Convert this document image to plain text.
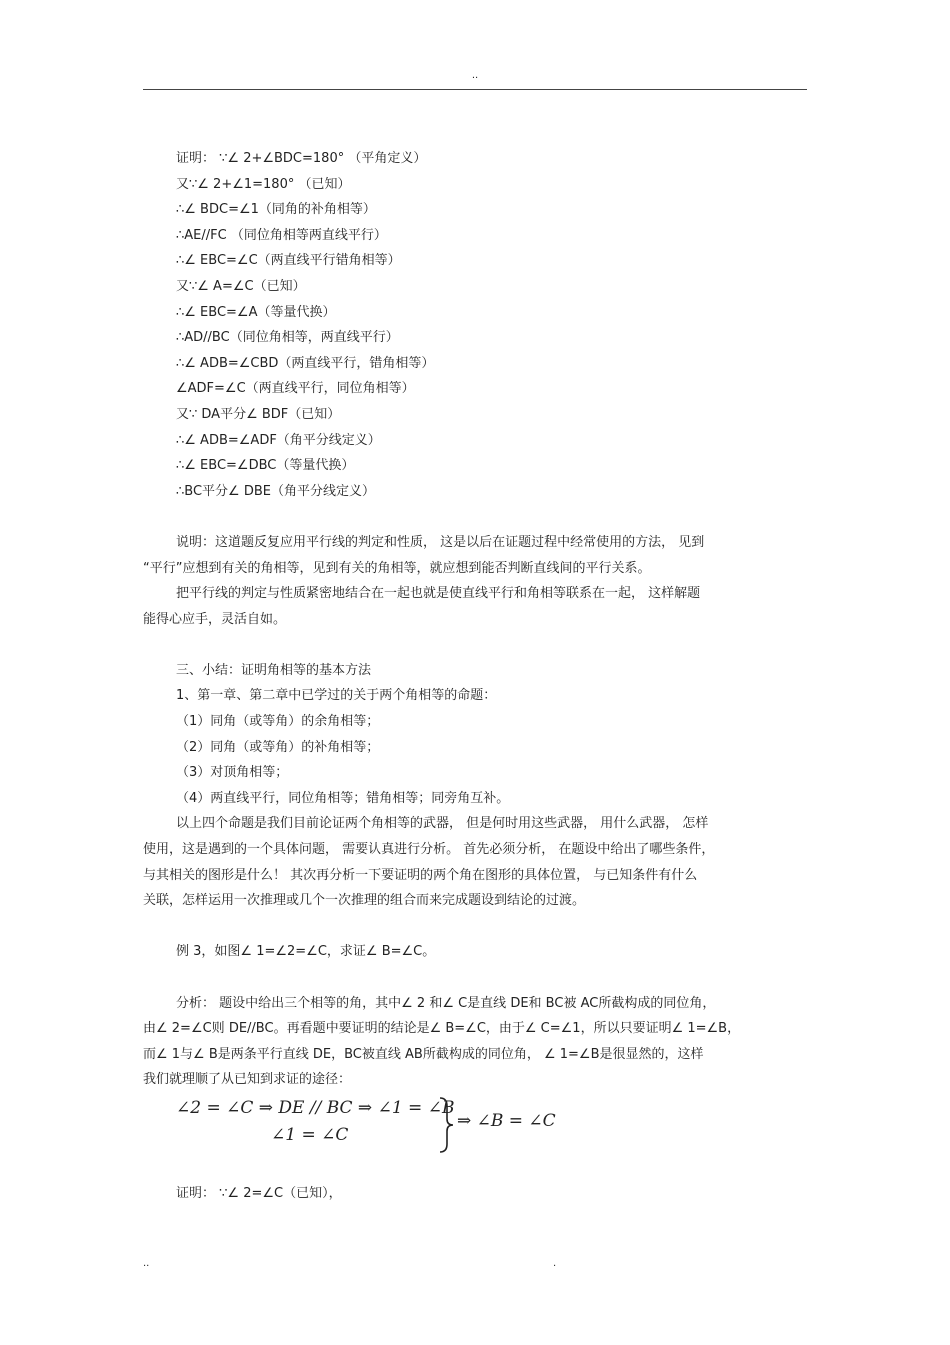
..

证明： ∵∠ 2+∠BDC=180° （平角定义）

又∵∠ 2+∠1=180° （已知）

∴∠ BDC=∠1（同角的补角相等）

∴AE//FC （同位角相等两直线平行）

∴∠ EBC=∠C（两直线平行错角相等）

又∵∠ A=∠C（已知）

∴∠ EBC=∠A（等量代换）

∴AD//BC（同位角相等，两直线平行）

∴∠ ADB=∠CBD（两直线平行，错角相等）

∠ADF=∠C（两直线平行，同位角相等）

又∵ DA平分∠ BDF（已知）

∴∠ ADB=∠ADF（角平分线定义）

∴∠ EBC=∠DBC（等量代换）

∴BC平分∠ DBE（角平分线定义）

说明：这道题反复应用平行线的判定和性质， 这是以后在证题过程中经常使用的方法， 见到

“平行”应想到有关的角相等，见到有关的角相等，就应想到能否判断直线间的平行关系。

把平行线的判定与性质紧密地结合在一起也就是使直线平行和角相等联系在一起， 这样解题

能得心应手，灵活自如。

三、小结：证明角相等的基本方法

1、第一章、第二章中已学过的关于两个角相等的命题：

（1）同角（或等角）的余角相等；

（2）同角（或等角）的补角相等；

（3）对顶角相等；

（4）两直线平行，同位角相等；错角相等；同旁角互补。

以上四个命题是我们目前论证两个角相等的武器， 但是何时用这些武器， 用什么武器， 怎样

使用，这是遇到的一个具体问题， 需要认真进行分析。 首先必须分析， 在题设中给出了哪些条件，

与其相关的图形是什么！ 其次再分析一下要证明的两个角在图形的具体位置， 与已知条件有什么

关联，怎样运用一次推理或几个一次推理的组合而来完成题设到结论的过渡。

例 3，如图∠ 1=∠2=∠C，求证∠ B=∠C。

分析： 题设中给出三个相等的角，其中∠ 2 和∠ C是直线 DE和 BC被 AC所截构成的同位角，

由∠ 2=∠C则 DE//BC。再看题中要证明的结论是∠ B=∠C，由于∠ C=∠1，所以只要证明∠ 1=∠B，

而∠ 1与∠ B是两条平行直线 DE，BC被直线 AB所截构成的同位角， ∠ 1=∠B是很显然的，这样

我们就理顺了从已知到求证的途径：

∠2 = ∠C ⇒ DE // BC ⇒ ∠1 = ∠B
∠1 = ∠C
⇒ ∠B = ∠C

证明： ∵∠ 2=∠C（已知），

..	.
